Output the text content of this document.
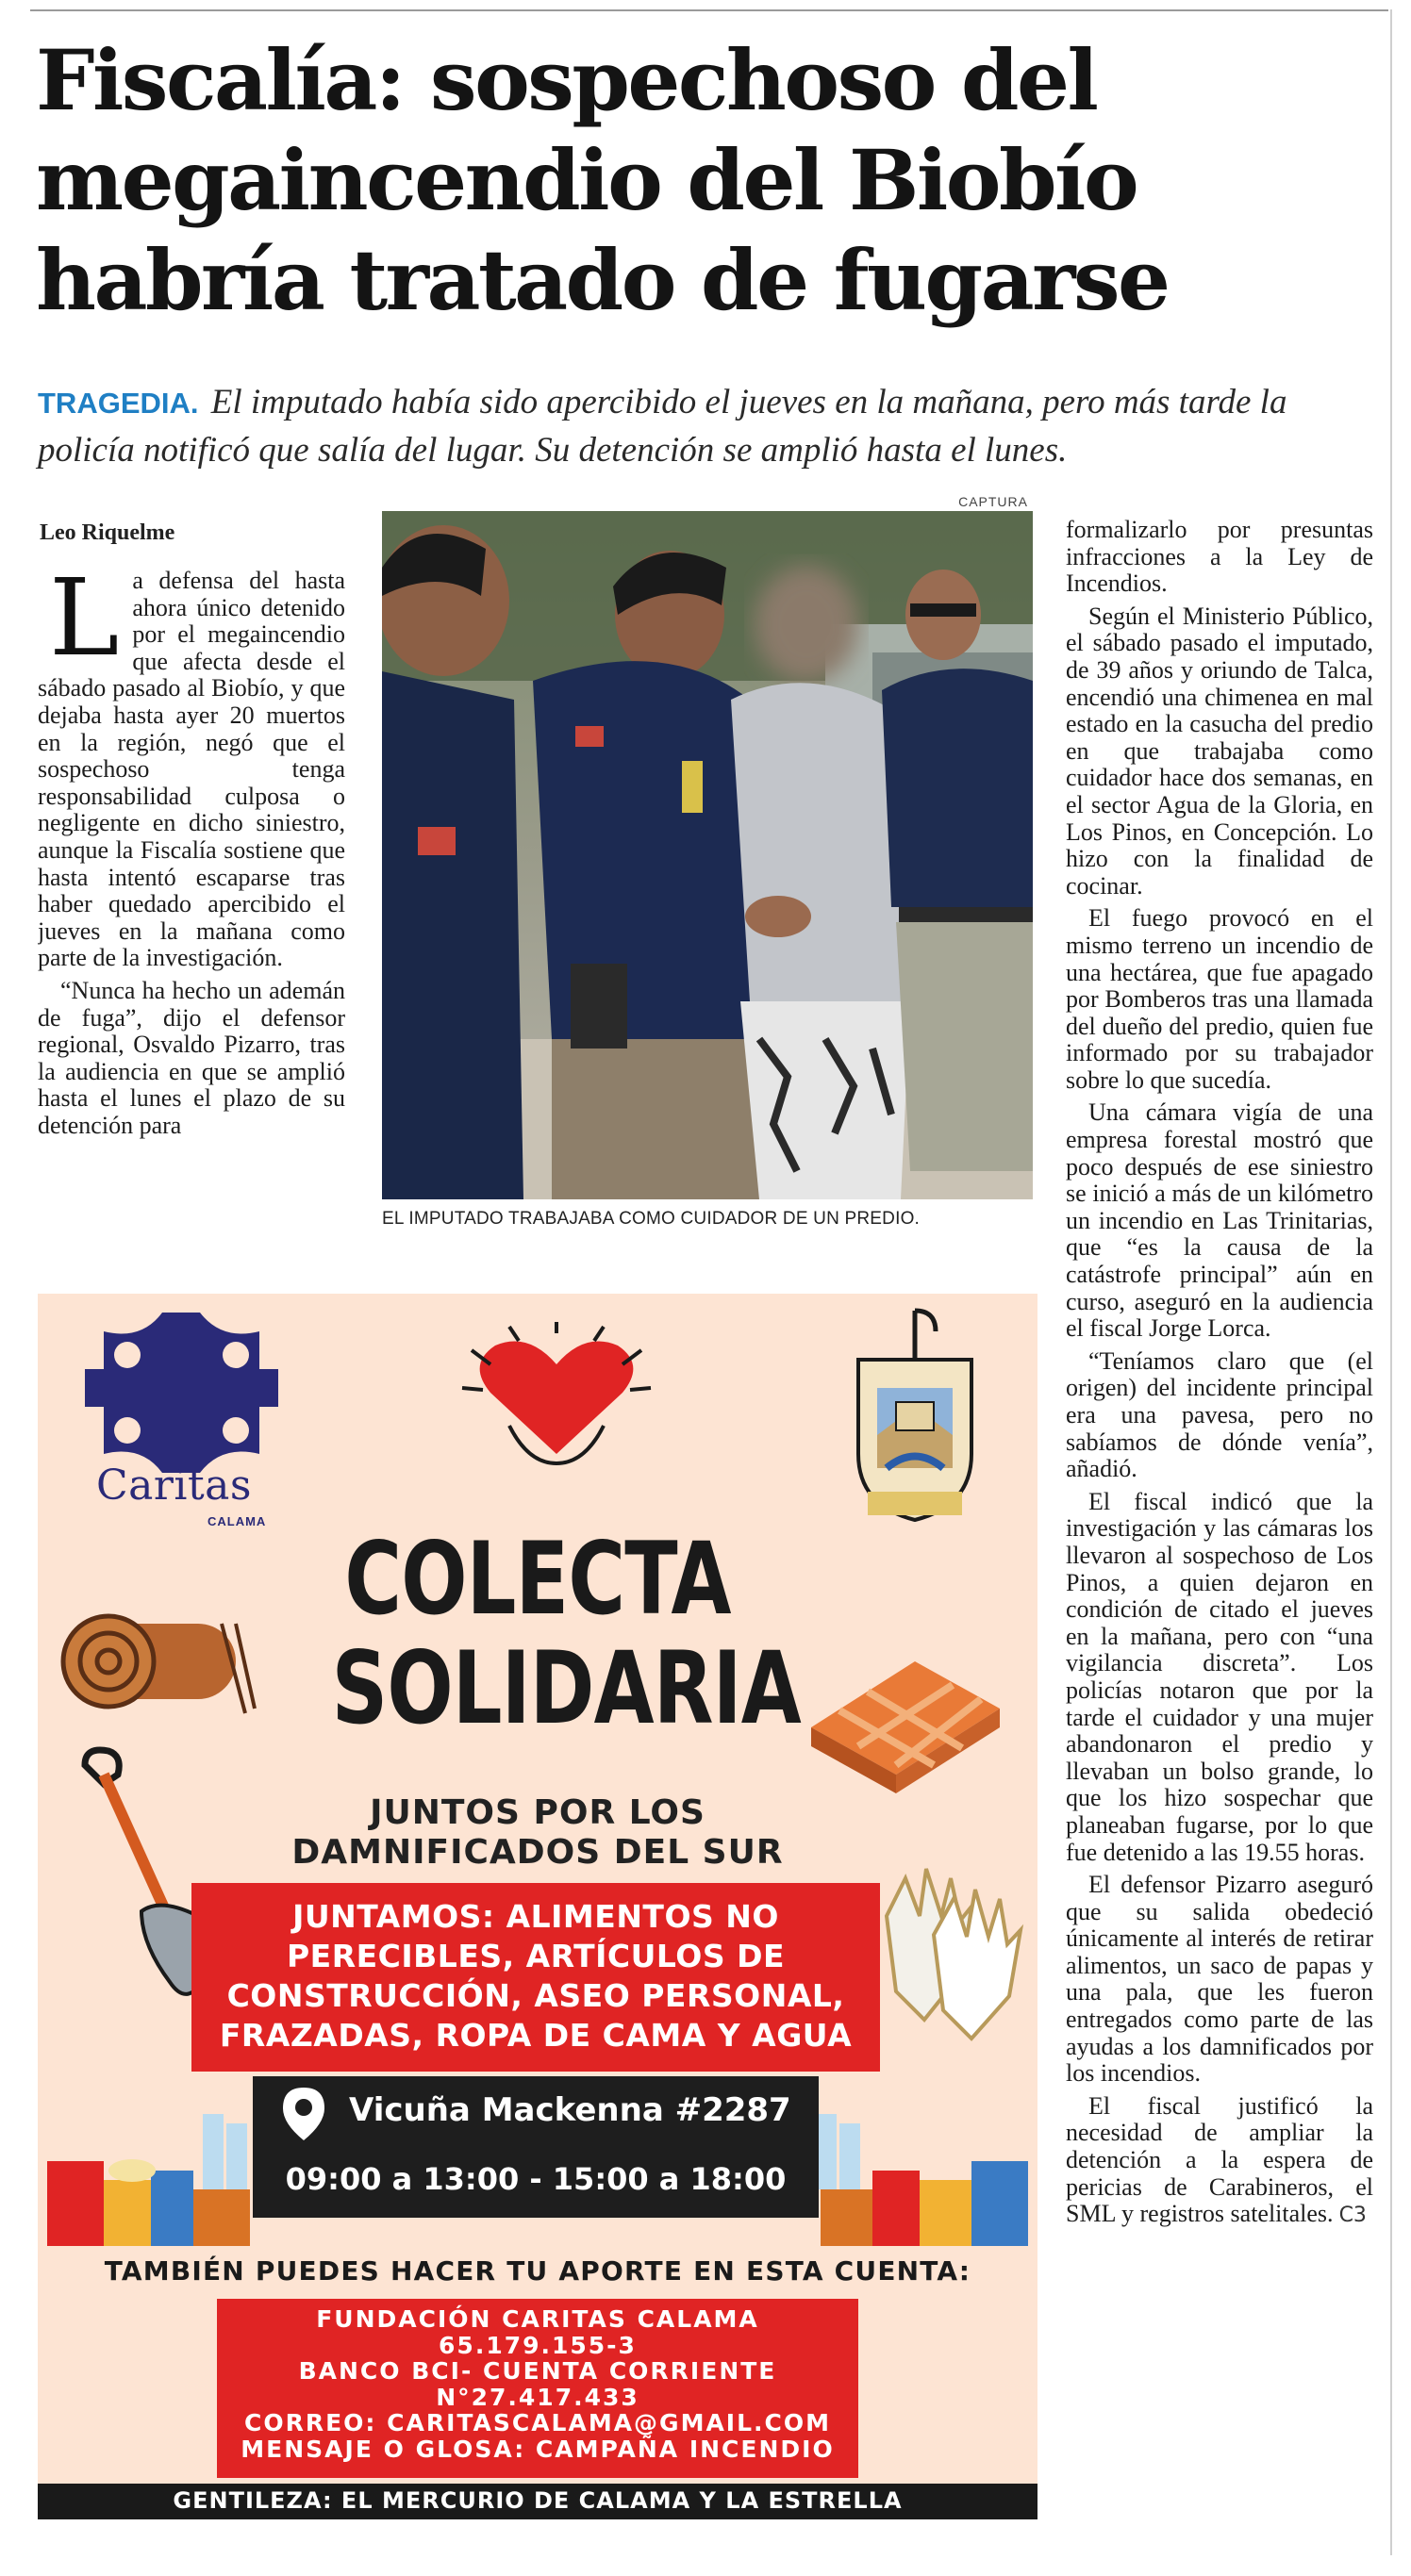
Fiscalía: sospechoso del megaincendio del Biobío habría tratado de fugarse
TRAGEDIA. El imputado había sido apercibido el jueves en la mañana, pero más tarde la policía notificó que salía del lugar. Su detención se amplió hasta el lunes.
Leo Riquelme

La defensa del hasta ahora único detenido por el megaincendio que afecta desde el sábado pasado al Biobío, y que dejaba hasta ayer 20 muertos en la región, negó que el sospechoso tenga responsabilidad culposa o negligente en dicho siniestro, aunque la Fiscalía sostiene que hasta intentó escaparse tras haber quedado apercibido el jueves en la mañana como parte de la investigación.

“Nunca ha hecho un ademán de fuga”, dijo el defensor regional, Osvaldo Pizarro, tras la audiencia en que se amplió hasta el lunes el plazo de su detención para

CAPTURA
EL IMPUTADO TRABAJABA COMO CUIDADOR DE UN PREDIO.

formalizarlo por presuntas infracciones a la Ley de Incendios.

Según el Ministerio Público, el sábado pasado el imputado, de 39 años y oriundo de Talca, encendió una chimenea en mal estado en la casucha del predio en que trabajaba como cuidador hace dos semanas, en el sector Agua de la Gloria, en Los Pinos, en Concepción. Lo hizo con la finalidad de cocinar.

El fuego provocó en el mismo terreno un incendio de una hectárea, que fue apagado por Bomberos tras una llamada del dueño del predio, quien fue informado por su trabajador sobre lo que sucedía.

Una cámara vigía de una empresa forestal mostró que poco después de ese siniestro se inició a más de un kilómetro un incendio en Las Trinitarias, que “es la causa de la catástrofe principal” aún en curso, aseguró en la audiencia el fiscal Jorge Lorca.

“Teníamos claro que (el origen) del incidente principal era una pavesa, pero no sabíamos de dónde venía”, añadió.

El fiscal indicó que la investigación y las cámaras los llevaron al sospechoso de Los Pinos, a quien dejaron en condición de citado el jueves en la mañana, pero con “una vigilancia discreta”. Los policías notaron que por la tarde el cuidador y una mujer abandonaron el predio y llevaban un bolso grande, lo que los hizo sospechar que planeaban fugarse, por lo que fue detenido a las 19.55 horas.

El defensor Pizarro aseguró que su salida obedeció únicamente al interés de retirar alimentos, un saco de papas y una pala, que les fueron entregados como parte de las ayudas a los damnificados por los incendios.

El fiscal justificó la necesidad de ampliar la detención a la espera de pericias de Carabineros, el SML y registros satelitales. C3

Caritas
CALAMA COLECTA
SOLIDARIA
JUNTOS POR LOS
DAMNIFICADOS DEL SUR
JUNTAMOS: ALIMENTOS NO
PERECIBLES, ARTÍCULOS DE
CONSTRUCCIÓN, ASEO PERSONAL,
FRAZADAS, ROPA DE CAMA Y AGUA
Vicuña Mackenna #2287
09:00 a 13:00 - 15:00 a 18:00
TAMBIÉN PUEDES HACER TU APORTE EN ESTA CUENTA:
FUNDACIÓN CARITAS CALAMA
65.179.155-3
BANCO BCI- CUENTA CORRIENTE
N°27.417.433
CORREO: CARITASCALAMA@GMAIL.COM
MENSAJE O GLOSA: CAMPAÑA INCENDIO
GENTILEZA: EL MERCURIO DE CALAMA Y LA ESTRELLA
